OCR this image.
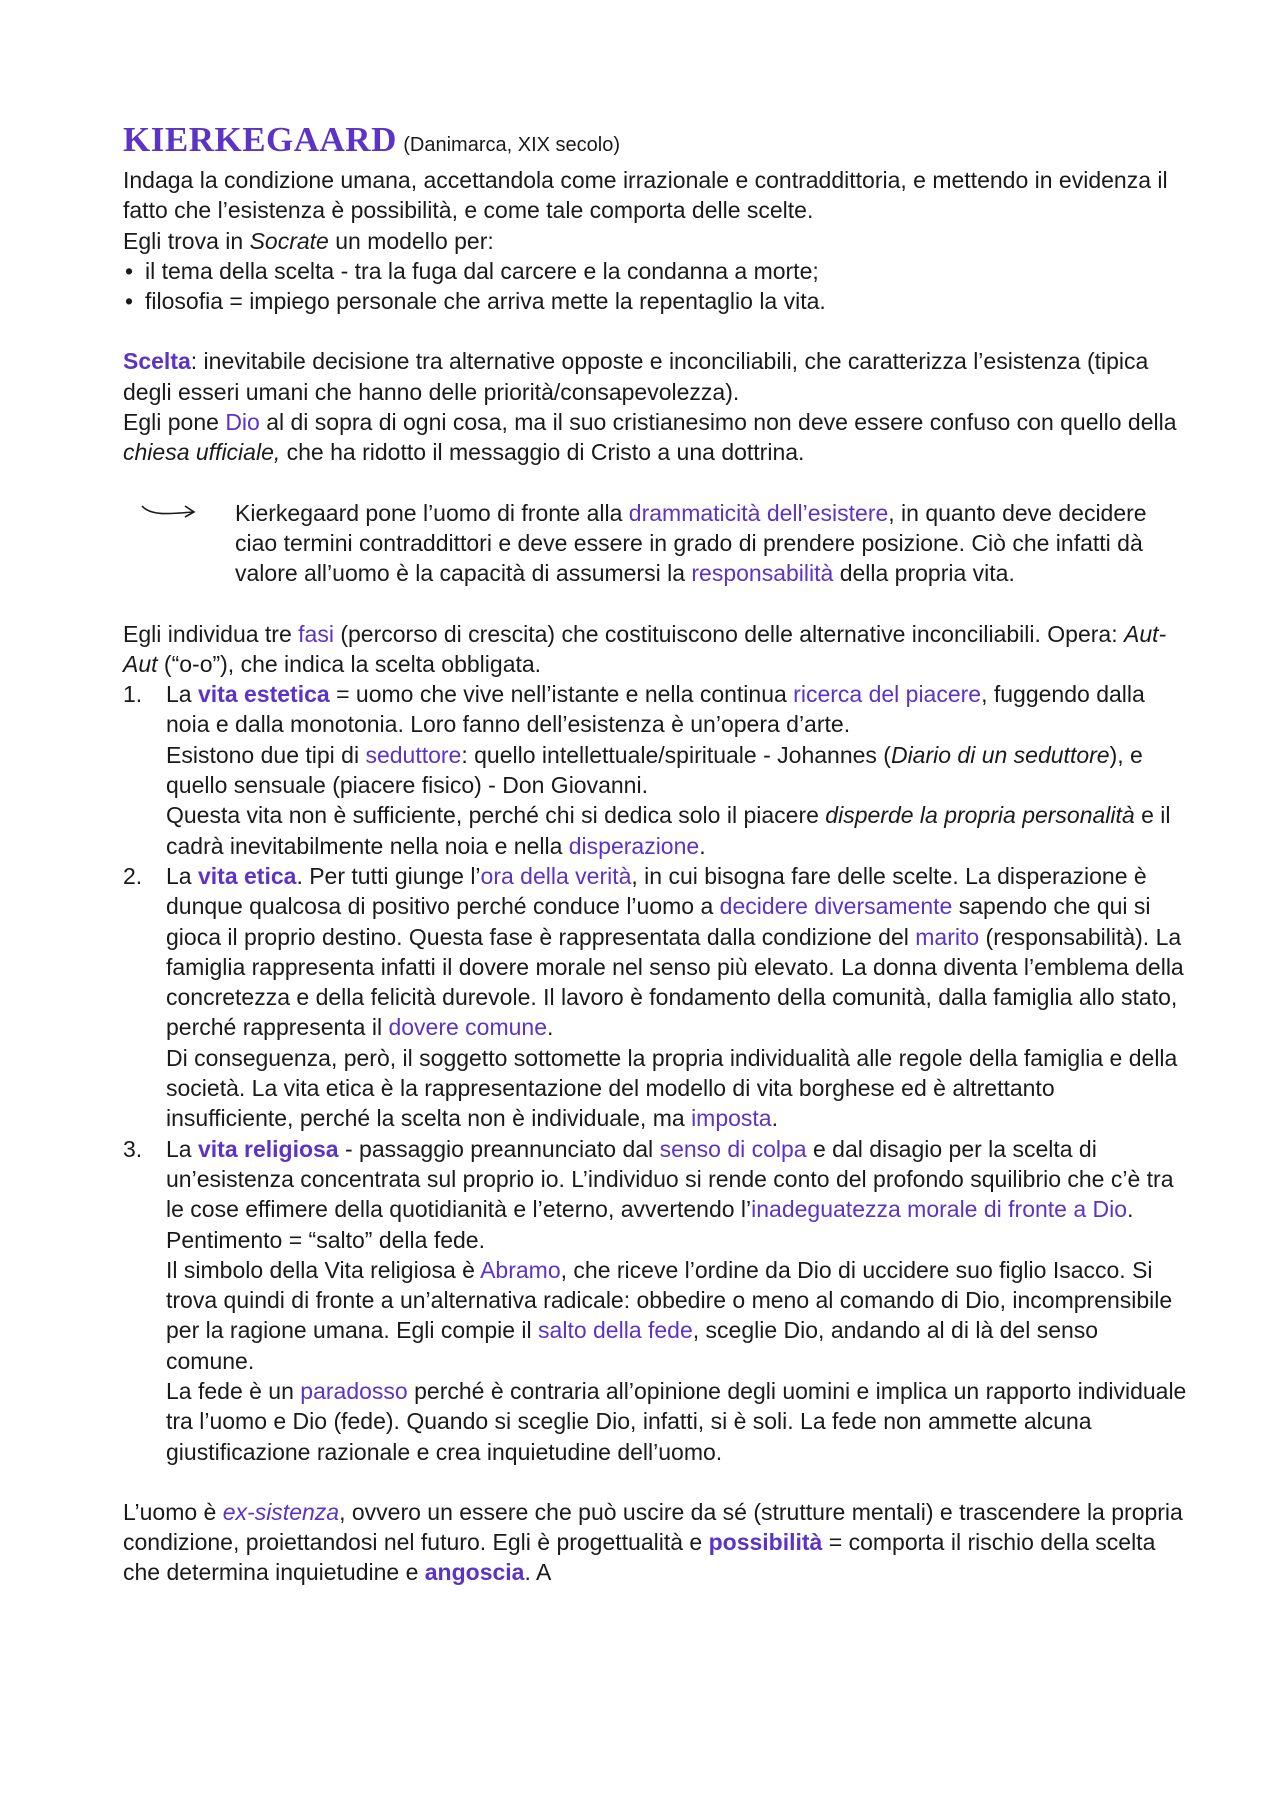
KIERKEGAARD (Danimarca, XIX secolo)

Indaga la condizione umana, accettandola come irrazionale e contraddittoria, e mettendo in evidenza il fatto che l’esistenza è possibilità, e come tale comporta delle scelte.

Egli trova in Socrate un modello per:

• il tema della scelta - tra la fuga dal carcere e la condanna a morte;
• filosofia = impiego personale che arriva mette la repentaglio la vita.

Scelta: inevitabile decisione tra alternative opposte e inconciliabili, che caratterizza l’esistenza (tipica degli esseri umani che hanno delle priorità/consapevolezza).

Egli pone Dio al di sopra di ogni cosa, ma il suo cristianesimo non deve essere confuso con quello della chiesa ufficiale, che ha ridotto il messaggio di Cristo a una dottrina.

Kierkegaard pone l’uomo di fronte alla drammaticità dell’esistere, in quanto deve decidere ciao termini contraddittori e deve essere in grado di prendere posizione. Ciò che infatti dà valore all’uomo è la capacità di assumersi la responsabilità della propria vita.

Egli individua tre fasi (percorso di crescita) che costituiscono delle alternative inconciliabili. Opera: Aut-Aut (“o-o”), che indica la scelta obbligata.

1. La vita estetica = uomo che vive nell’istante e nella continua ricerca del piacere, fuggendo dalla noia e dalla monotonia. Loro fanno dell’esistenza è un’opera d’arte.
Esistono due tipi di seduttore: quello intellettuale/spirituale - Johannes (Diario di un seduttore), e quello sensuale (piacere fisico) - Don Giovanni.
Questa vita non è sufficiente, perché chi si dedica solo il piacere disperde la propria personalità e il cadrà inevitabilmente nella noia e nella disperazione.
2. La vita etica. Per tutti giunge l’ora della verità, in cui bisogna fare delle scelte. La disperazione è dunque qualcosa di positivo perché conduce l’uomo a decidere diversamente sapendo che qui si gioca il proprio destino. Questa fase è rappresentata dalla condizione del marito (responsabilità). La famiglia rappresenta infatti il dovere morale nel senso più elevato. La donna diventa l’emblema della concretezza e della felicità durevole. Il lavoro è fondamento della comunità, dalla famiglia allo stato, perché rappresenta il dovere comune.
Di conseguenza, però, il soggetto sottomette la propria individualità alle regole della famiglia e della società. La vita etica è la rappresentazione del modello di vita borghese ed è altrettanto insufficiente, perché la scelta non è individuale, ma imposta.
3. La vita religiosa - passaggio preannunciato dal senso di colpa e dal disagio per la scelta di un’esistenza concentrata sul proprio io. L’individuo si rende conto del profondo squilibrio che c’è tra le cose effimere della quotidianità e l’eterno, avvertendo l’inadeguatezza morale di fronte a Dio. Pentimento = “salto” della fede.
Il simbolo della Vita religiosa è Abramo, che riceve l’ordine da Dio di uccidere suo figlio Isacco. Si trova quindi di fronte a un’alternativa radicale: obbedire o meno al comando di Dio, incomprensibile per la ragione umana. Egli compie il salto della fede, sceglie Dio, andando al di là del senso comune.
La fede è un paradosso perché è contraria all’opinione degli uomini e implica un rapporto individuale tra l’uomo e Dio (fede). Quando si sceglie Dio, infatti, si è soli. La fede non ammette alcuna giustificazione razionale e crea inquietudine dell’uomo.

L’uomo è ex-sistenza, ovvero un essere che può uscire da sé (strutture mentali) e trascendere la propria condizione, proiettandosi nel futuro. Egli è progettualità e possibilità = comporta il rischio della scelta che determina inquietudine e angoscia. A
